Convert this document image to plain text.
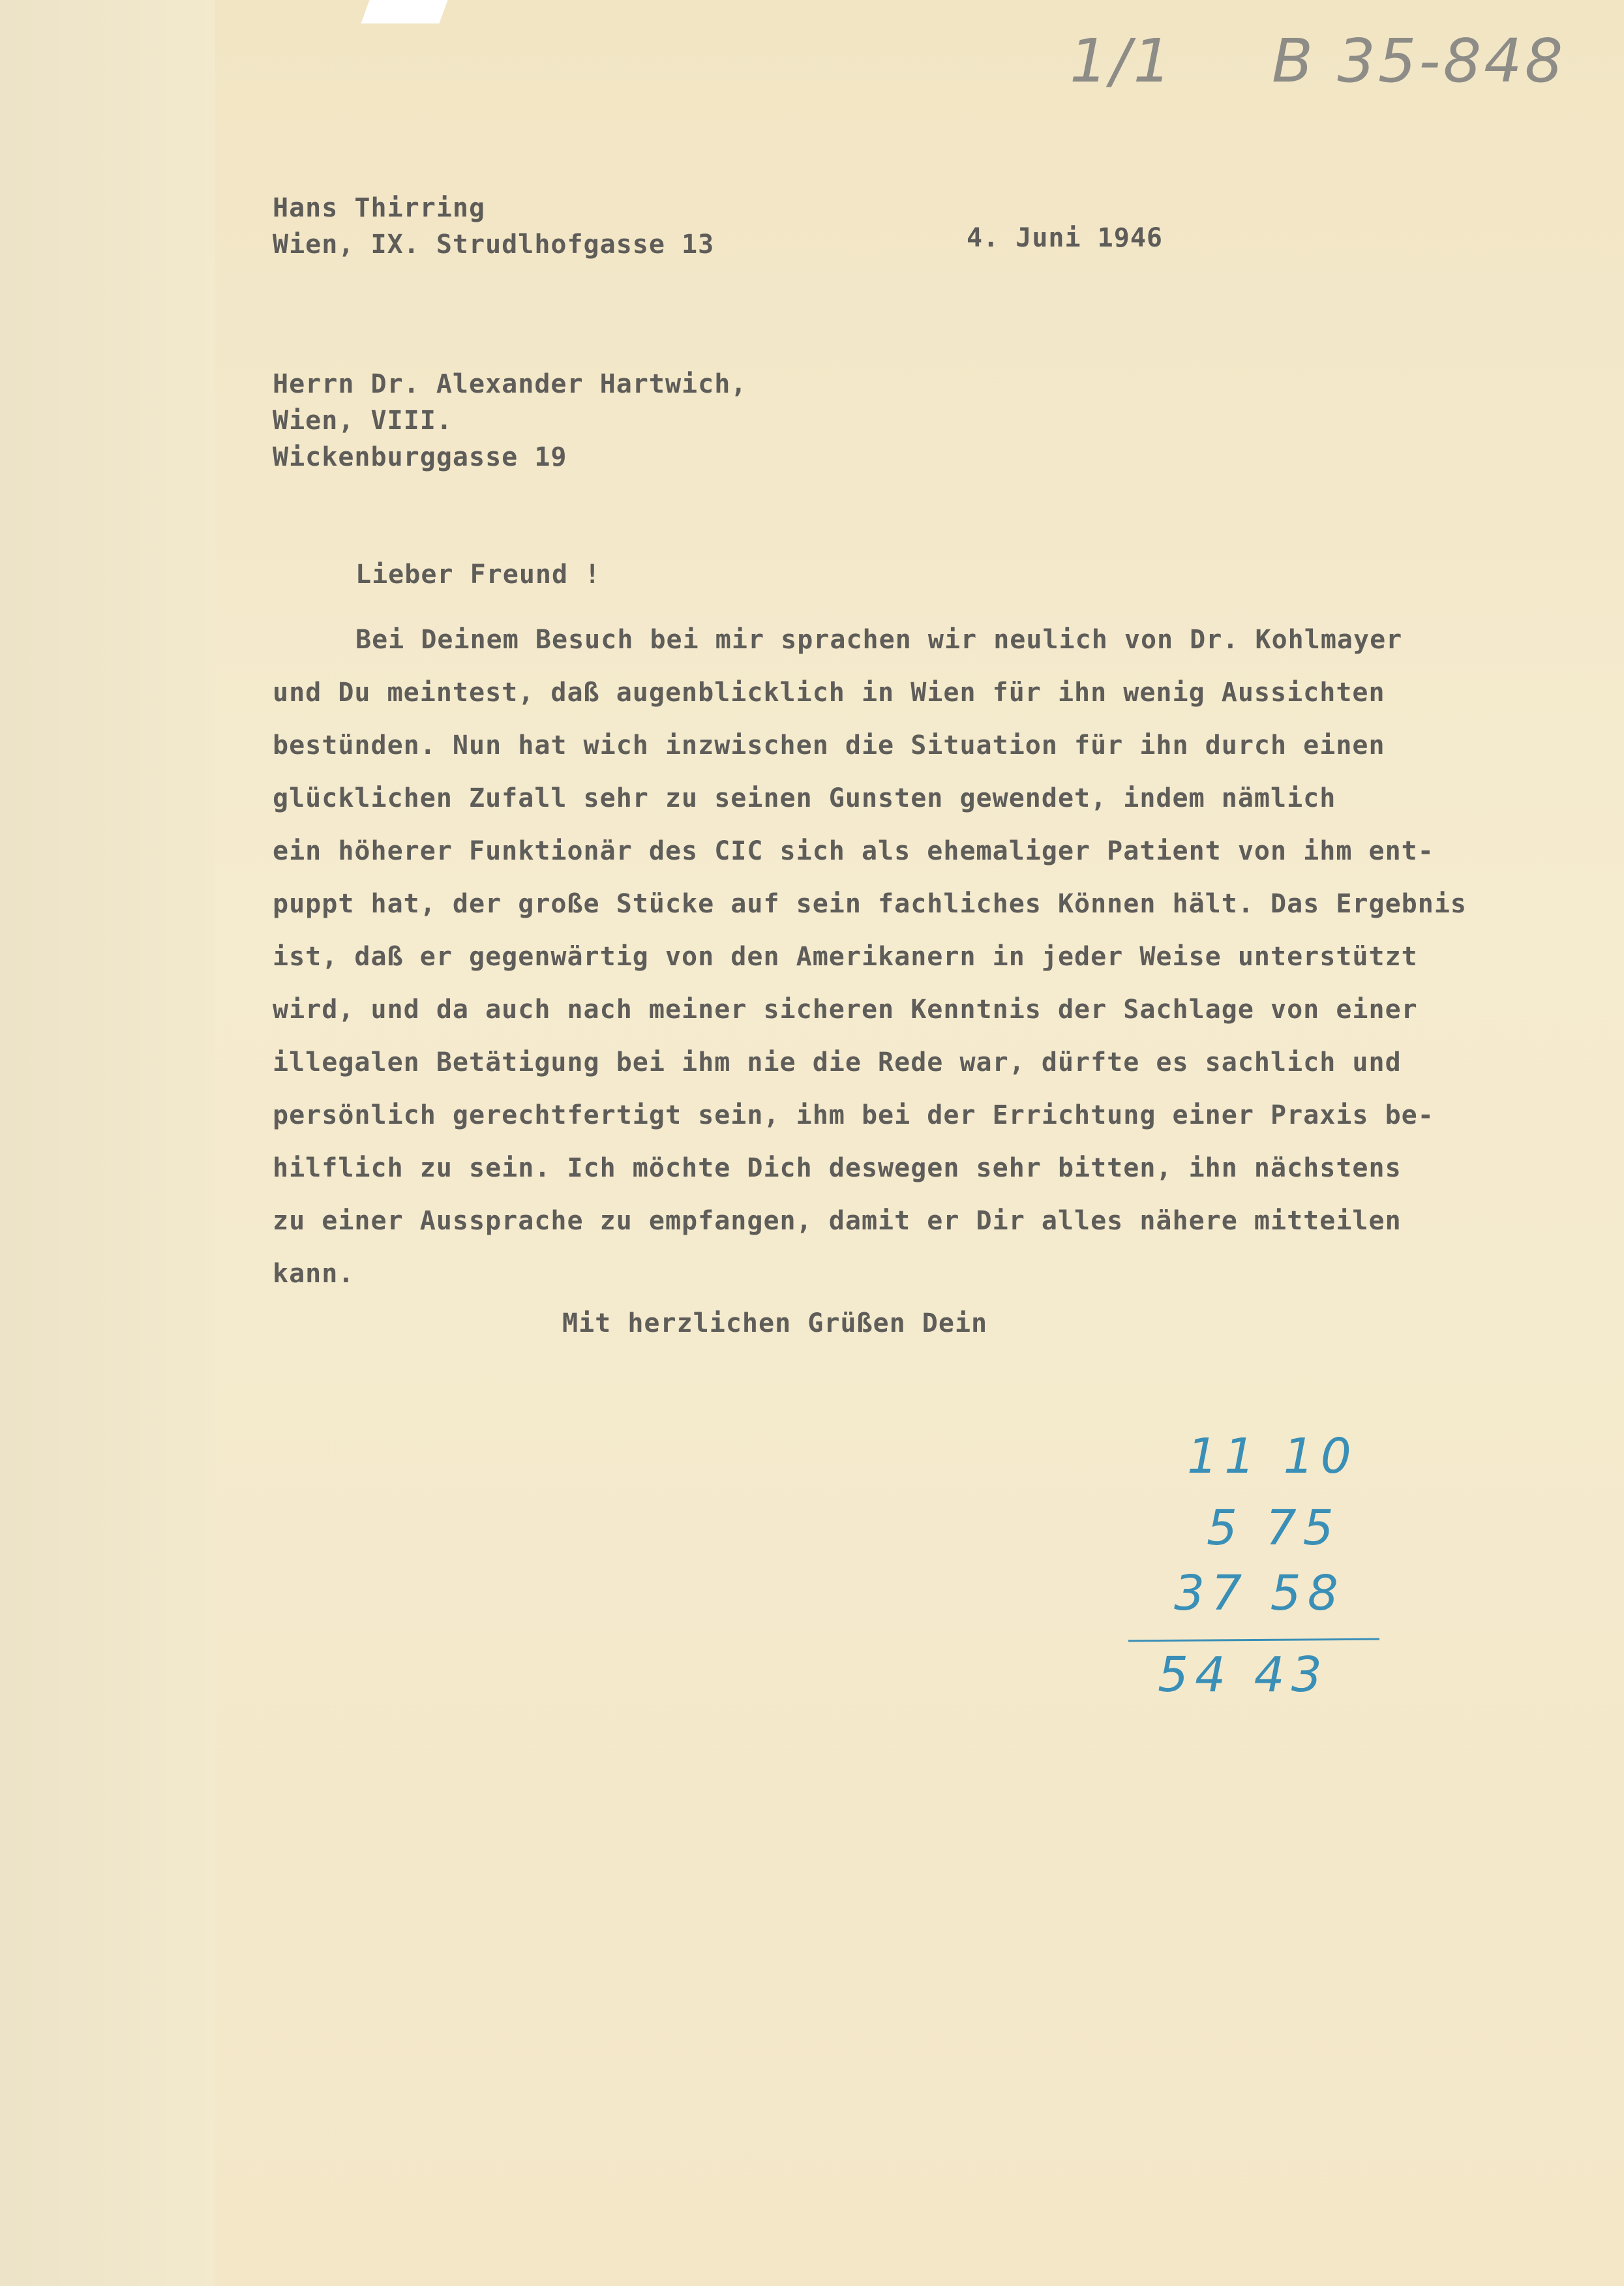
1/1 B 35-848
Hans Thirring
Wien, IX. Strudlhofgasse 13	4. Juni 1946
Herrn Dr. Alexander Hartwich,
Wien, VIII.
Wickenburggasse 19
Lieber Freund !
Bei Deinem Besuch bei mir sprachen wir neulich von Dr. Kohlmayer
und Du meintest, daß augenblicklich in Wien für ihn wenig Aussichten
bestünden. Nun hat wich inzwischen die Situation für ihn durch einen
glücklichen Zufall sehr zu seinen Gunsten gewendet, indem nämlich
ein höherer Funktionär des CIC sich als ehemaliger Patient von ihm ent-
puppt hat, der große Stücke auf sein fachliches Können hält. Das Ergebnis
ist, daß er gegenwärtig von den Amerikanern in jeder Weise unterstützt
wird, und da auch nach meiner sicheren Kenntnis der Sachlage von einer
illegalen Betätigung bei ihm nie die Rede war, dürfte es sachlich und
persönlich gerechtfertigt sein, ihm bei der Errichtung einer Praxis be-
hilflich zu sein. Ich möchte Dich deswegen sehr bitten, ihn nächstens
zu einer Aussprache zu empfangen, damit er Dir alles nähere mitteilen
kann.
Mit herzlichen Grüßen Dein
11 10
5 75
37 58
54 43
